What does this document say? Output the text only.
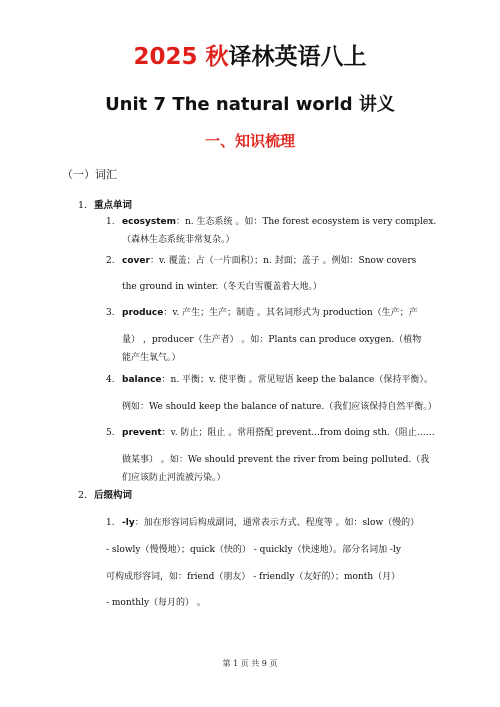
2025 秋译林英语八上
Unit 7 The natural world 讲义
一、知识梳理
（一）词汇
1. 重点单词
1. ecosystem：n. 生态系统 。如：The forest ecosystem is very complex.
（森林生态系统非常复杂。）
2. cover：v. 覆盖；占（一片面积）；n. 封面；盖子 。例如：Snow covers
the ground in winter.（冬天白雪覆盖着大地。）
3. produce：v. 产生；生产；制造 。其名词形式为 production（生产；产
量） ，producer（生产者） 。如：Plants can produce oxygen.（植物
能产生氧气。）
4. balance：n. 平衡；v. 使平衡 。常见短语 keep the balance（保持平衡）。
例如：We should keep the balance of nature.（我们应该保持自然平衡。）
5. prevent：v. 防止；阻止 。常用搭配 prevent...from doing sth.（阻止……
做某事） 。如：We should prevent the river from being polluted.（我
们应该防止河流被污染。）
2. 后缀构词
1. -ly：加在形容词后构成副词，通常表示方式、程度等 。如：slow（慢的）
- slowly（慢慢地）；quick（快的） - quickly（快速地）。部分名词加 -ly
可构成形容词，如：friend（朋友） - friendly（友好的）；month（月）
- monthly（每月的） 。
第 1 页 共 9 页
